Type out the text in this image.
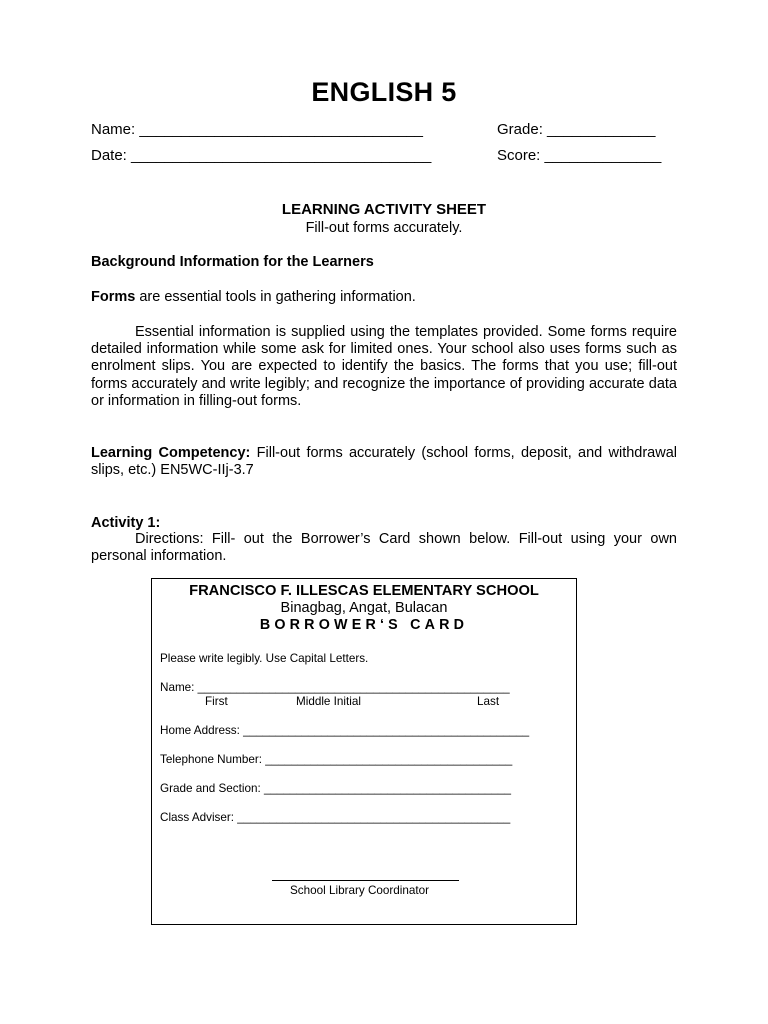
ENGLISH 5
Name: __________________________________	Grade: _____________
Date: ____________________________________	Score: ______________
LEARNING ACTIVITY SHEET
Fill-out forms accurately.
Background Information for the Learners
Forms are essential tools in gathering information.
Essential information is supplied using the templates provided. Some forms require detailed information while some ask for limited ones. Your school also uses forms such as enrolment slips. You are expected to identify the basics. The forms that you use; fill-out forms accurately and write legibly; and recognize the importance of providing accurate data or information in filling-out forms.
Learning Competency: Fill-out forms accurately (school forms, deposit, and withdrawal slips, etc.) EN5WC-IIj-3.7
Activity 1:
Directions: Fill- out the Borrower’s Card shown below. Fill-out using your own personal information.
FRANCISCO F. ILLESCAS ELEMENTARY SCHOOL
Binagbag, Angat, Bulacan
BORROWER‘S CARD
Please write legibly. Use Capital Letters.
Name: ________________________________________________
First	Middle Initial	Last
Home Address: ____________________________________________
Telephone Number: ______________________________________
Grade and Section: ______________________________________
Class Adviser: __________________________________________
School Library Coordinator
